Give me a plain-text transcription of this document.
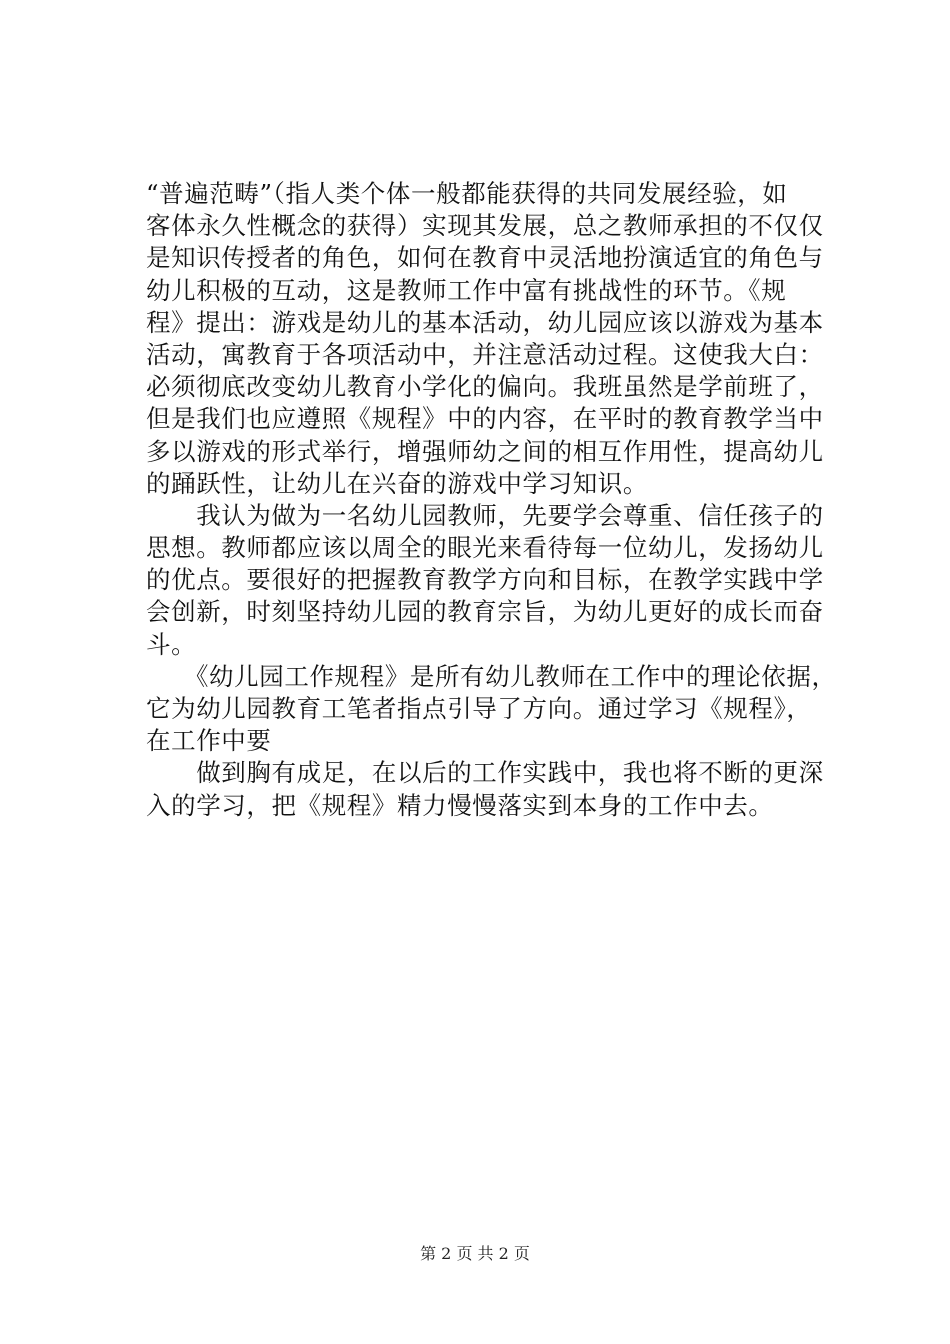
“普遍范畴”（指人类个体一般都能获得的共同发展经验，如
客体永久性概念的获得）实现其发展，总之教师承担的不仅仅
是知识传授者的角色，如何在教育中灵活地扮演适宜的角色与
幼儿积极的互动，这是教师工作中富有挑战性的环节。《规
程》提出：游戏是幼儿的基本活动，幼儿园应该以游戏为基本
活动，寓教育于各项活动中，并注意活动过程。这使我大白：
必须彻底改变幼儿教育小学化的偏向。我班虽然是学前班了，
但是我们也应遵照《规程》中的内容，在平时的教育教学当中
多以游戏的形式举行，增强师幼之间的相互作用性，提高幼儿
的踊跃性，让幼儿在兴奋的游戏中学习知识。
　　我认为做为一名幼儿园教师，先要学会尊重、信任孩子的
思想。教师都应该以周全的眼光来看待每一位幼儿，发扬幼儿
的优点。要很好的把握教育教学方向和目标，在教学实践中学
会创新，时刻坚持幼儿园的教育宗旨，为幼儿更好的成长而奋
斗。
　　《幼儿园工作规程》是所有幼儿教师在工作中的理论依据，
它为幼儿园教育工笔者指点引导了方向。通过学习《规程》，
在工作中要
　　做到胸有成足，在以后的工作实践中，我也将不断的更深
入的学习，把《规程》精力慢慢落实到本身的工作中去。
第 2 页 共 2 页
